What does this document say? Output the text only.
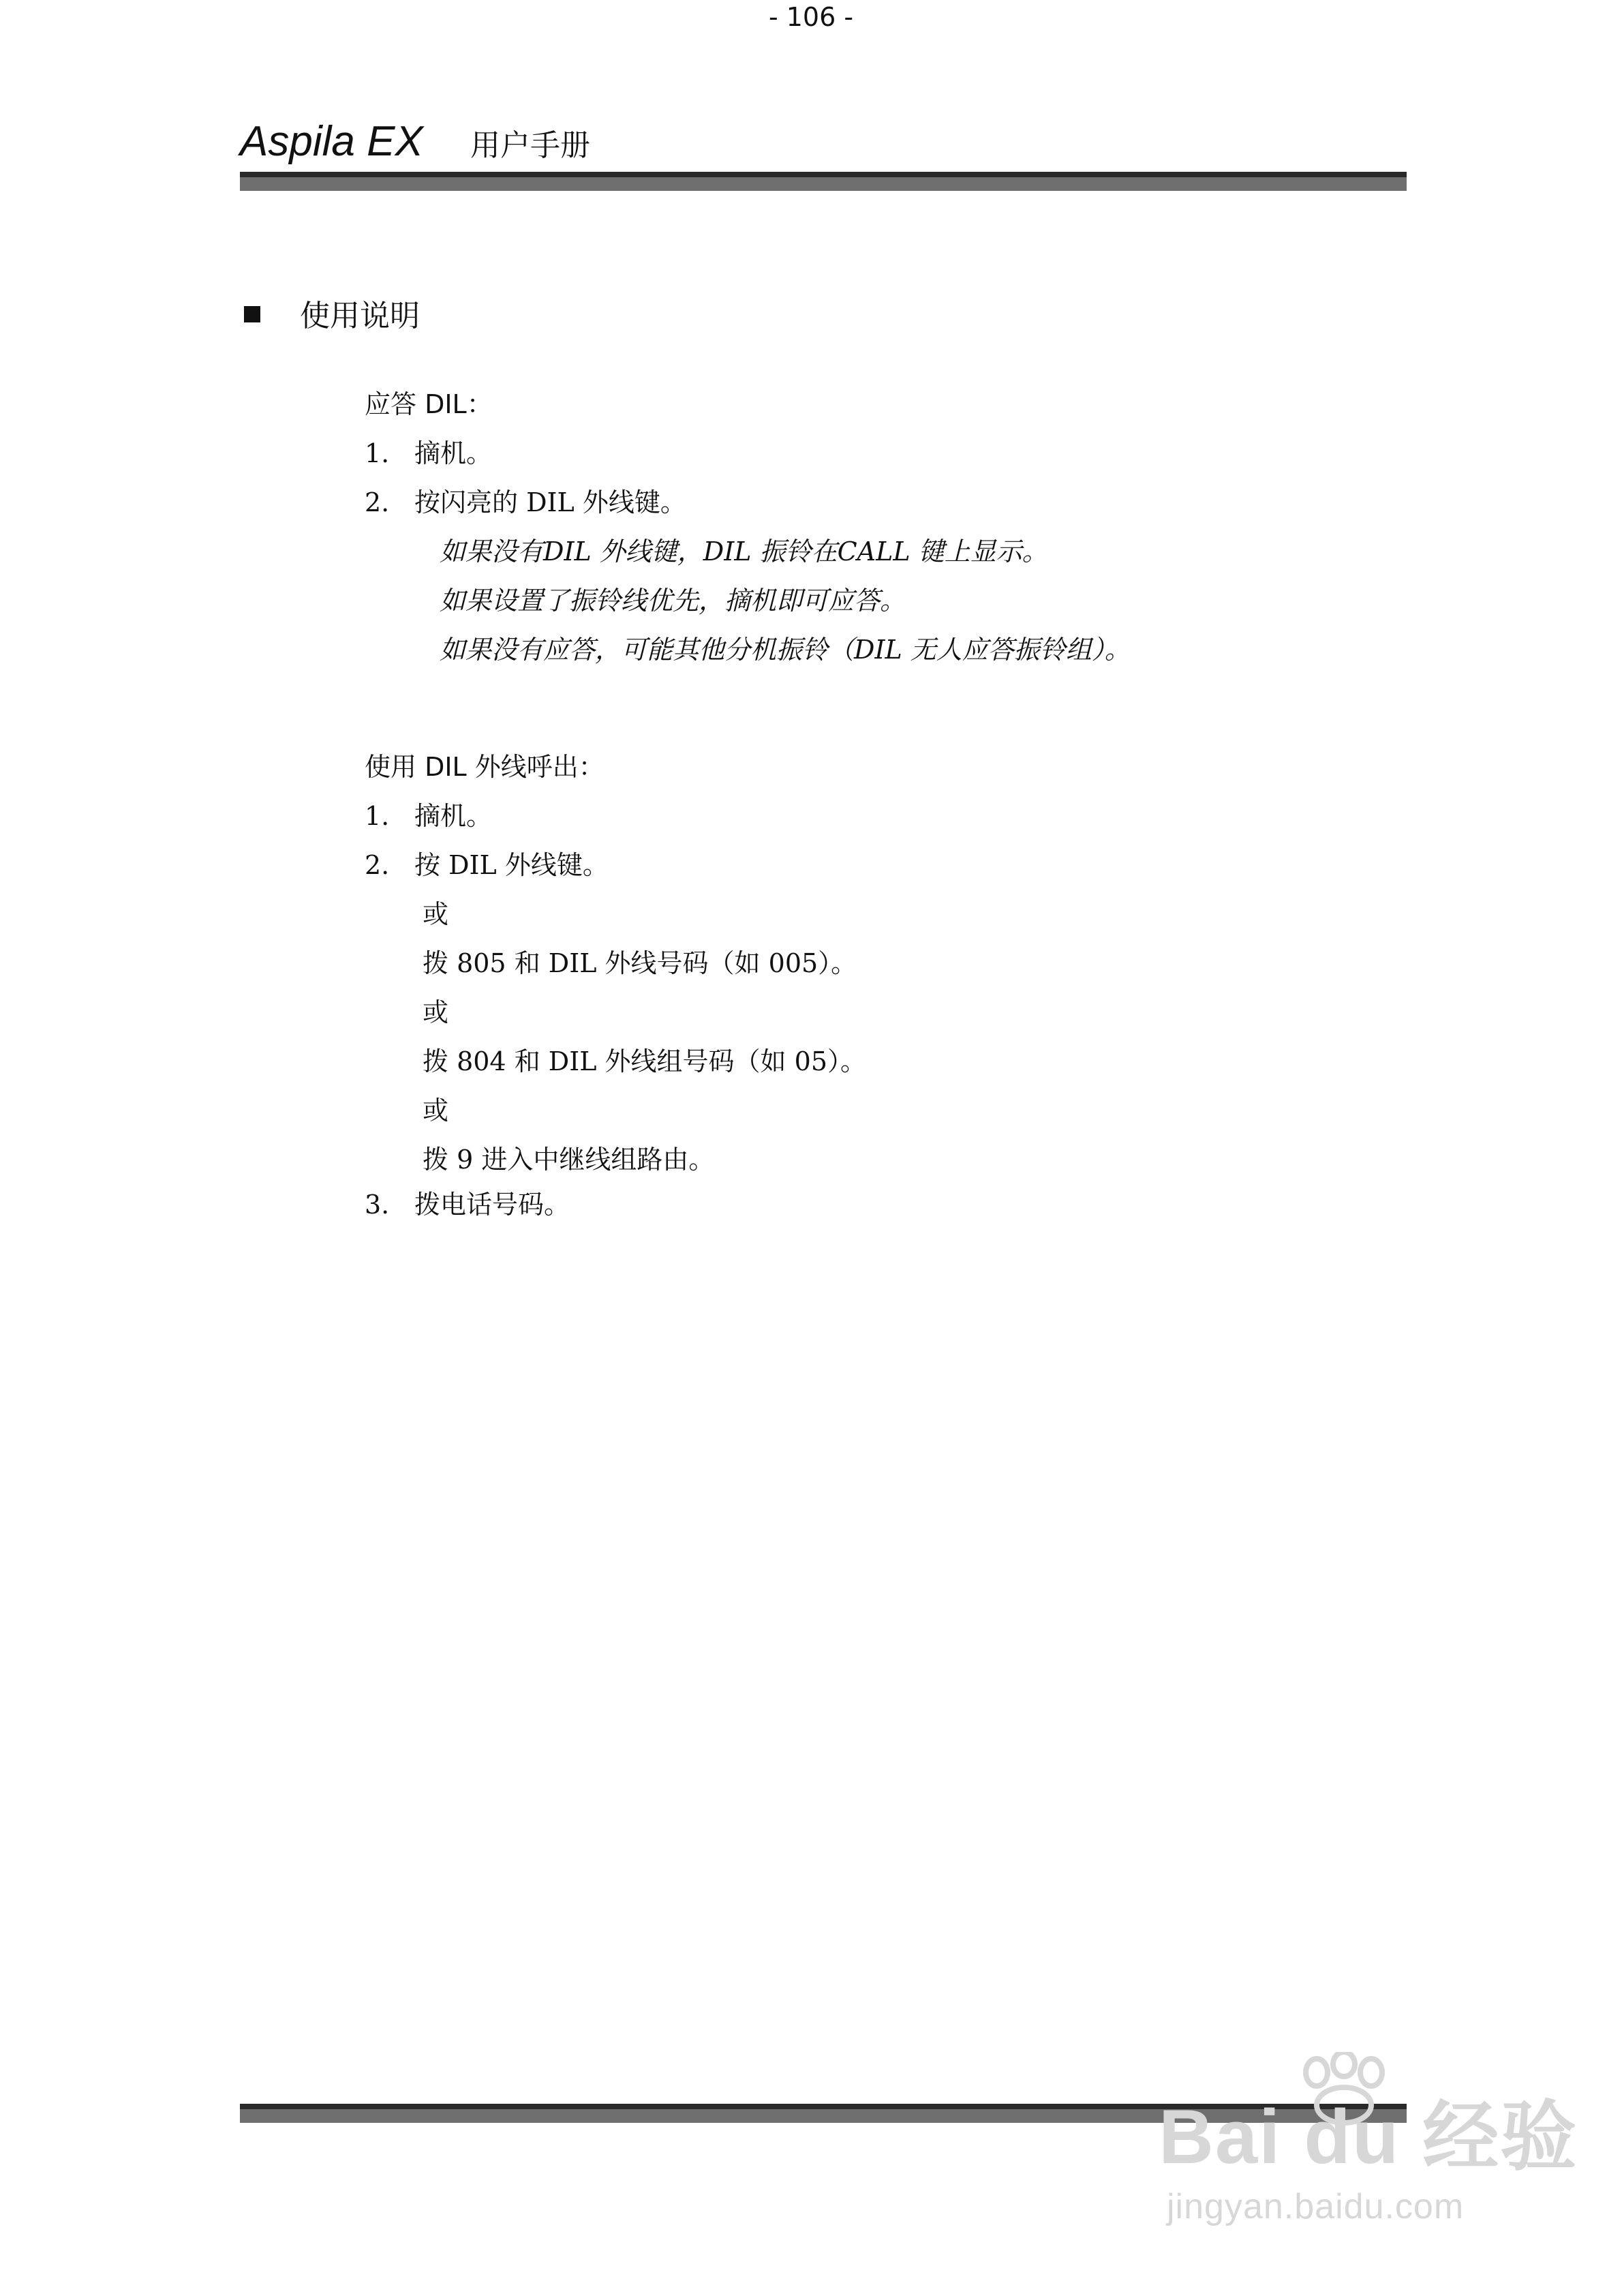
Aspila EX 用户手册
使用说明
应答 DIL：
1. 摘机。
2. 按闪亮的 DIL 外线键。
如果没有DIL 外线键，DIL 振铃在CALL 键上显示。
如果设置了振铃线优先，摘机即可应答。
如果没有应答，可能其他分机振铃（DIL 无人应答振铃组）。
使用 DIL 外线呼出：
1. 摘机。
2. 按 DIL 外线键。
或
拨 805 和 DIL 外线号码（如 005）。
或
拨 804 和 DIL 外线组号码（如 05）。
或
拨 9 进入中继线组路由。
3. 拨电话号码。
- 106 -
Bai du 经验
jingyan.baidu.com
